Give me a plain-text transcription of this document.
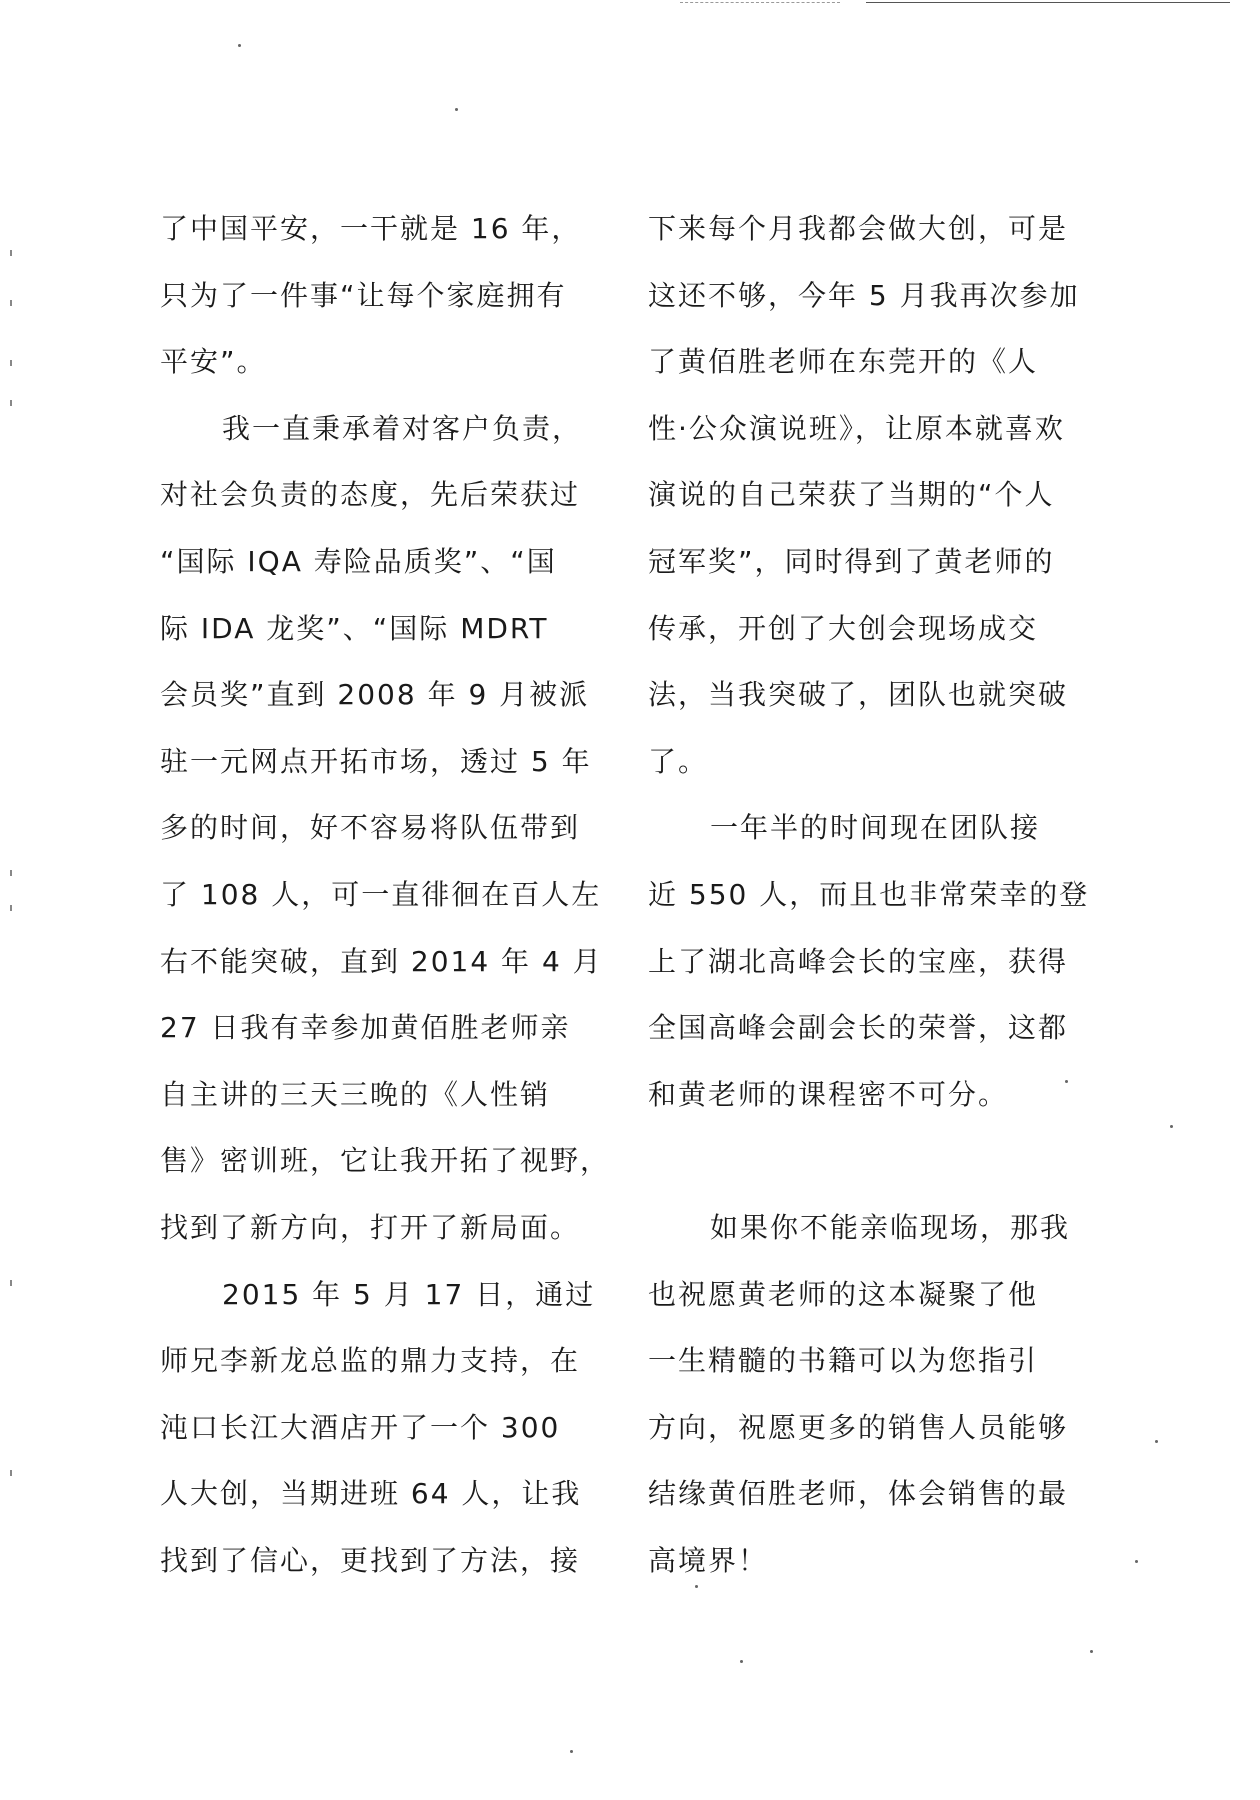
了中国平安，一干就是 16 年，
只为了一件事“让每个家庭拥有
平安”。
我一直秉承着对客户负责，
对社会负责的态度，先后荣获过
“国际 IQA 寿险品质奖”、“国
际 IDA 龙奖”、“国际 MDRT
会员奖”直到 2008 年 9 月被派
驻一元网点开拓市场，透过 5 年
多的时间，好不容易将队伍带到
了 108 人，可一直徘徊在百人左
右不能突破，直到 2014 年 4 月
27 日我有幸参加黄佰胜老师亲
自主讲的三天三晚的《人性销
售》密训班，它让我开拓了视野，
找到了新方向，打开了新局面。
2015 年 5 月 17 日，通过
师兄李新龙总监的鼎力支持，在
沌口长江大酒店开了一个 300
人大创，当期进班 64 人，让我
找到了信心，更找到了方法，接
下来每个月我都会做大创，可是
这还不够，今年 5 月我再次参加
了黄佰胜老师在东莞开的《人
性·公众演说班》，让原本就喜欢
演说的自己荣获了当期的“个人
冠军奖”，同时得到了黄老师的
传承，开创了大创会现场成交
法，当我突破了，团队也就突破
了。
一年半的时间现在团队接
近 550 人，而且也非常荣幸的登
上了湖北高峰会长的宝座，获得
全国高峰会副会长的荣誉，这都
和黄老师的课程密不可分。
如果你不能亲临现场，那我
也祝愿黄老师的这本凝聚了他
一生精髓的书籍可以为您指引
方向，祝愿更多的销售人员能够
结缘黄佰胜老师，体会销售的最
高境界！
